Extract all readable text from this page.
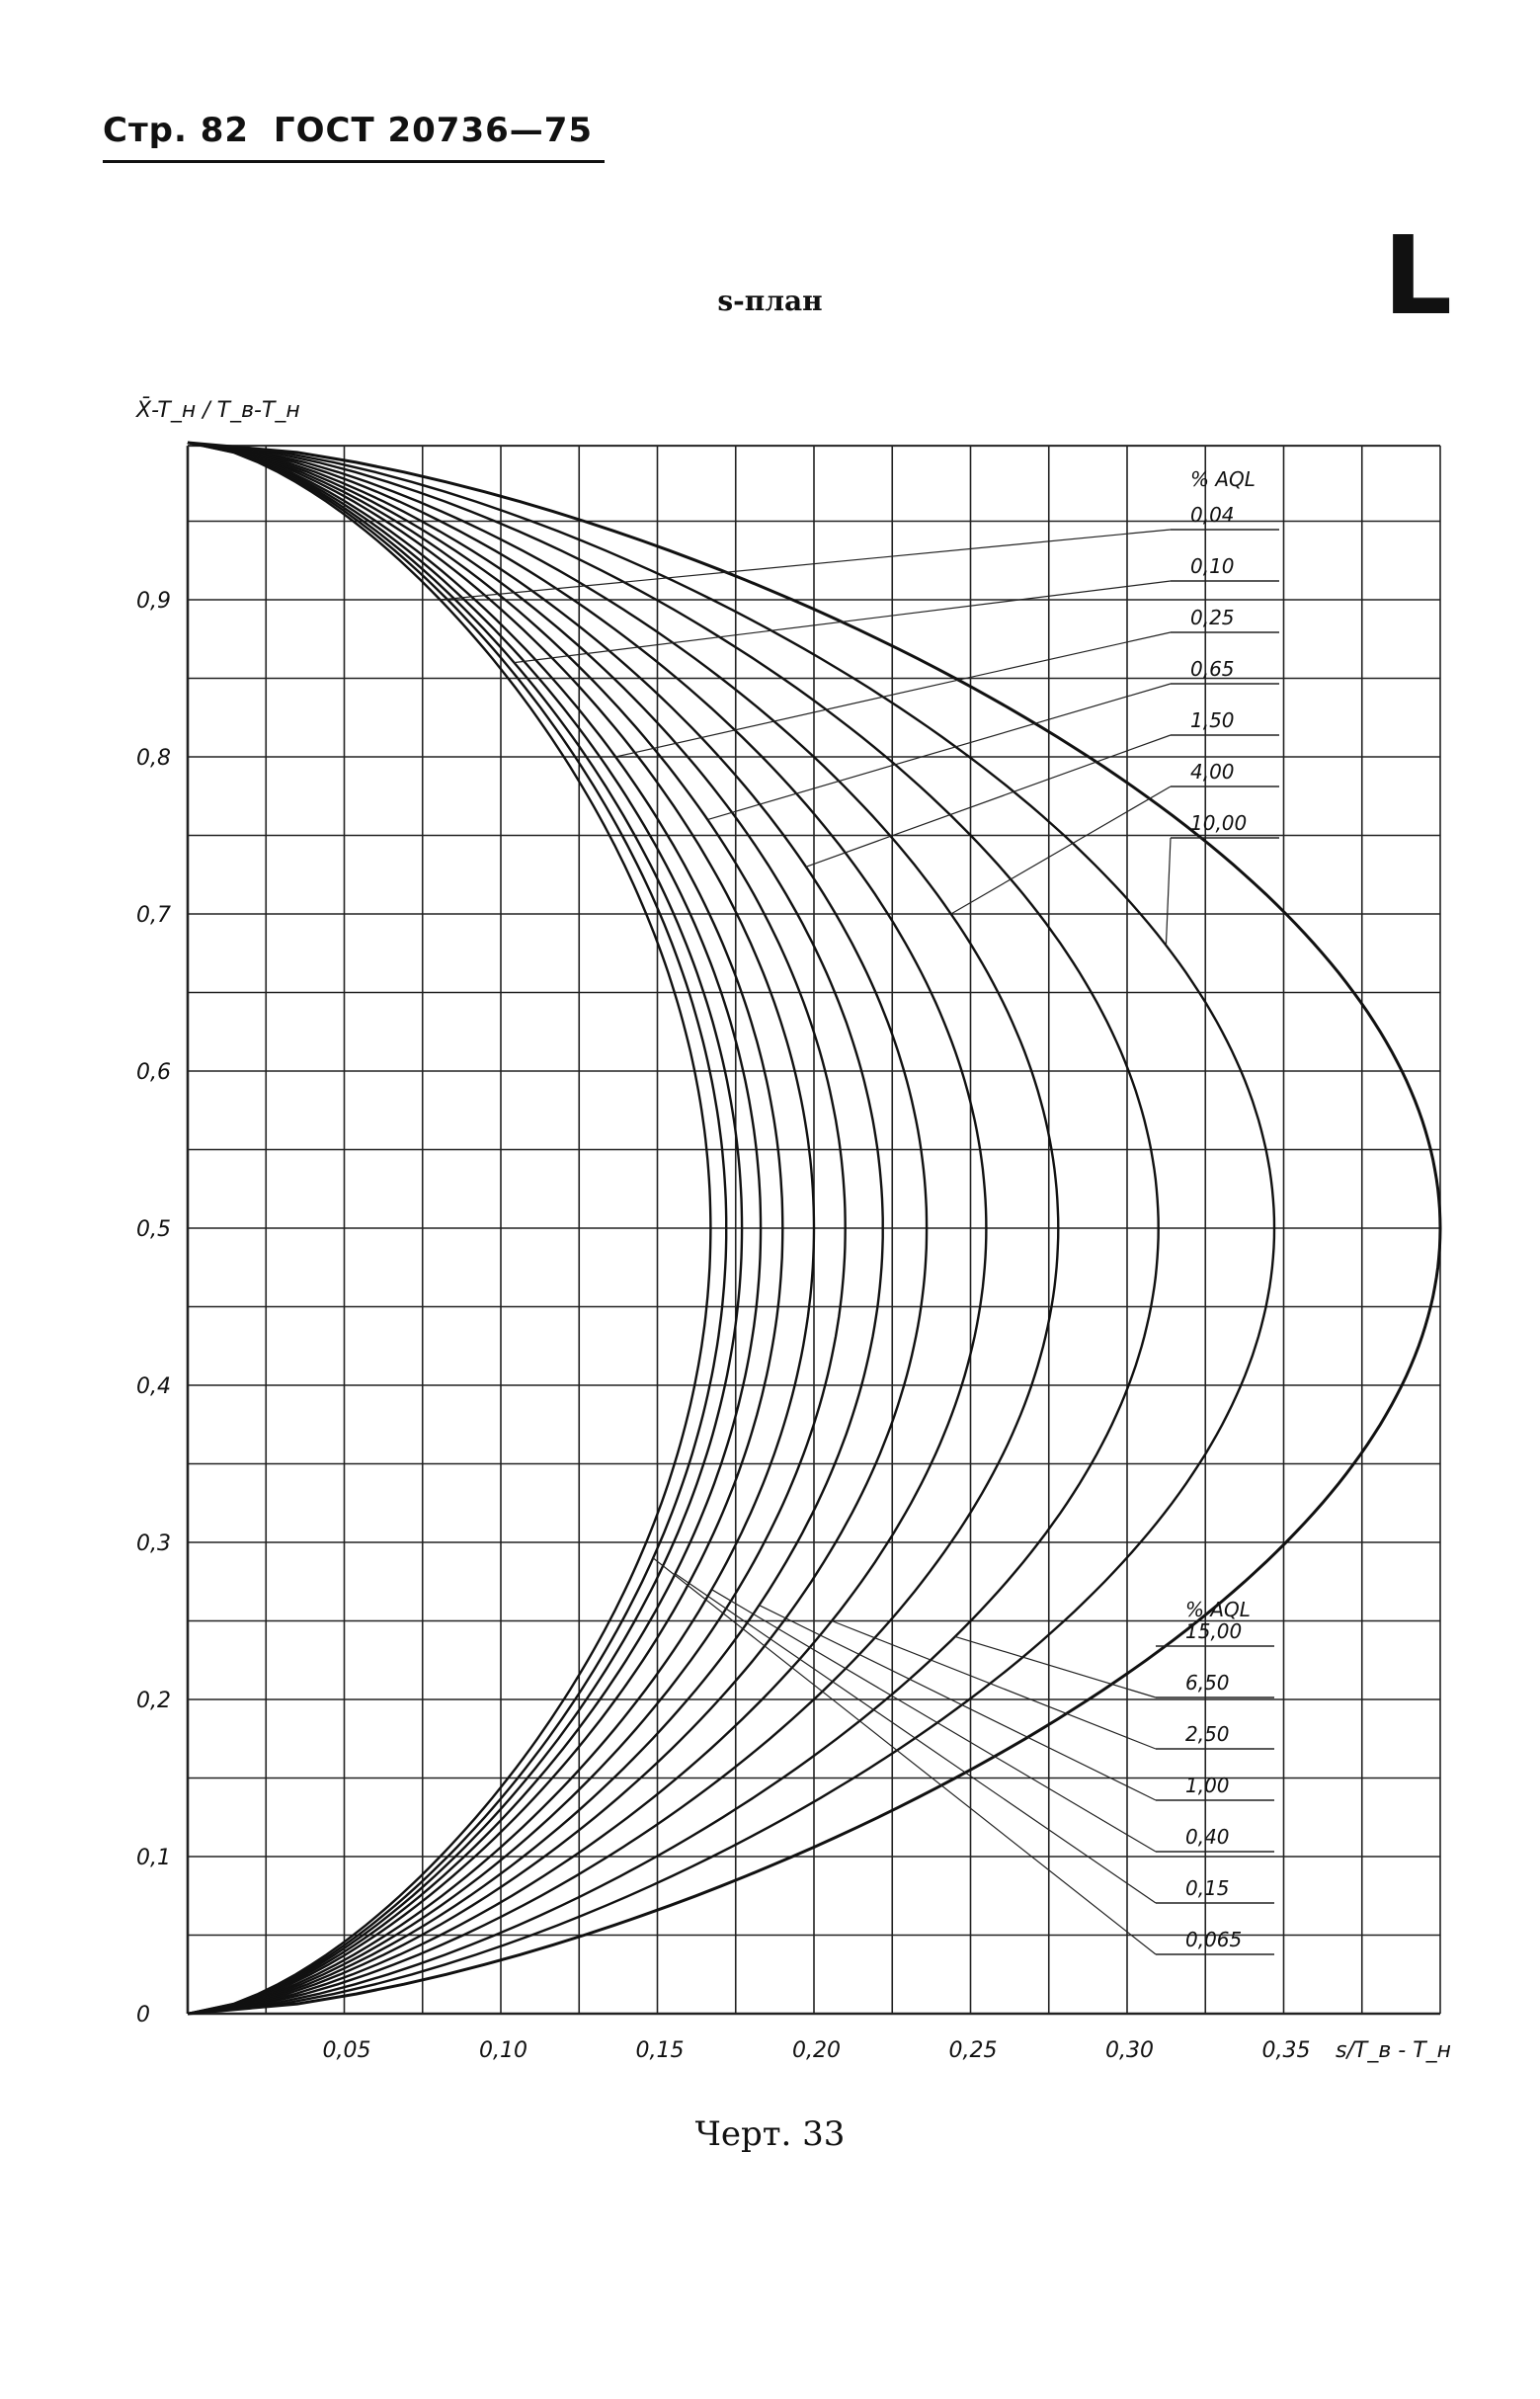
Стр. 82 ГОСТ 20736—75
s-план	L
0,05	0,10	0,15	0,20	0,25	0,30	0,35
0
0,1
0,2
0,3
0,4
0,5
0,6
0,7
0,8
0,9
% AQL
0,04
0,10
0,25
0,65
1,50
4,00
10,00
% AQL
15,00
6,50
2,50
1,00
0,40
0,15
0,065
X̄-T_н / T_в-T_н
s/T_в - T_н
Черт. 33
